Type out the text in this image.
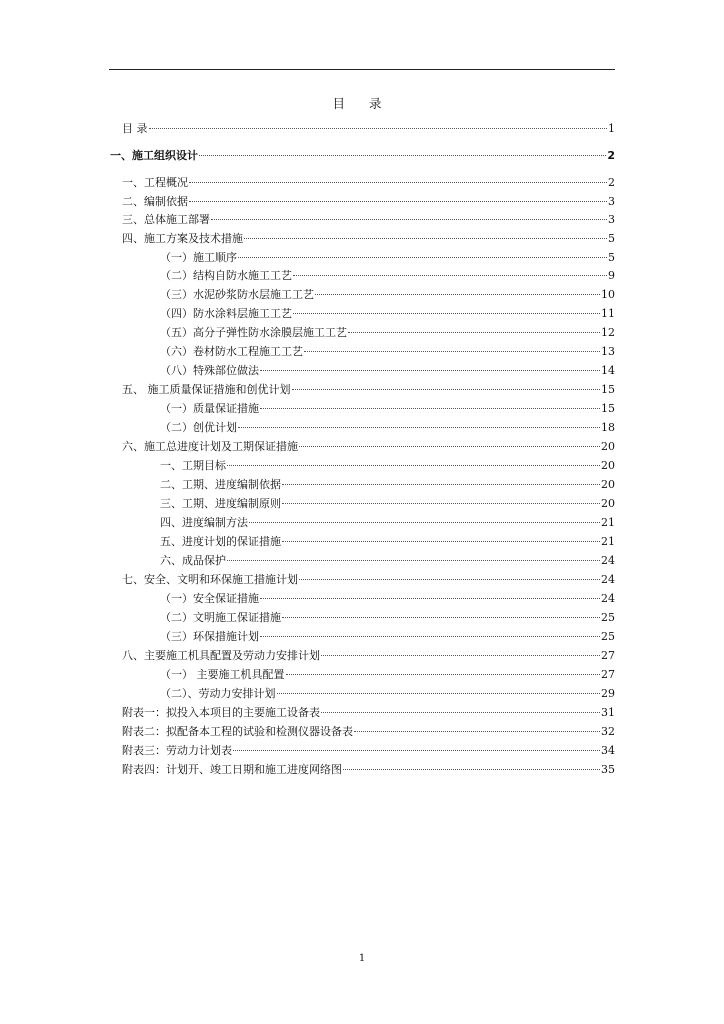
目 录
目 录	1
一、施工组织设计	2
一、工程概况	2
二、编制依据	3
三、总体施工部署	3
四、施工方案及技术措施	5
（一）施工顺序	5
（二）结构自防水施工工艺	9
（三）水泥砂浆防水层施工工艺	10
（四）防水涂料层施工工艺	11
（五）高分子弹性防水涂膜层施工工艺	12
（六）卷材防水工程施工工艺	13
（八）特殊部位做法	14
五、 施工质量保证措施和创优计划	15
（一）质量保证措施	15
（二）创优计划	18
六、施工总进度计划及工期保证措施	20
一、工期目标	20
二、工期、进度编制依据	20
三、工期、进度编制原则	20
四、进度编制方法	21
五、进度计划的保证措施	21
六、成品保护	24
七、安全、文明和环保施工措施计划	24
（一）安全保证措施	24
（二）文明施工保证措施	25
（三）环保措施计划	25
八、主要施工机具配置及劳动力安排计划	27
（一） 主要施工机具配置	27
（二）、劳动力安排计划	29
附表一：拟投入本项目的主要施工设备表	31
附表二：拟配备本工程的试验和检测仪器设备表	32
附表三：劳动力计划表	34
附表四：计划开、竣工日期和施工进度网络图	35
1
